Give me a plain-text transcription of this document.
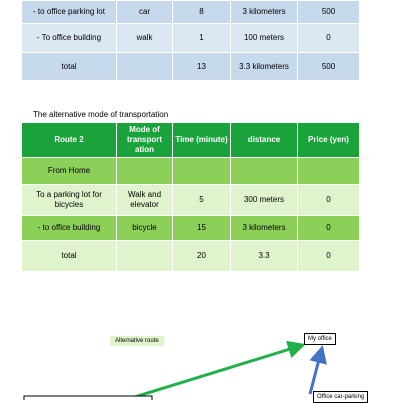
- to office parking lot	car	8	3 kilometers	500
- To office building	walk	1	100 meters	0
total		13	3.3 kilometers	500
The alternative mode of transportation
Route 2	Mode of transport ation	Time (minute)	distance	Price (yen)
From Home				
To a parking lot for bicycles	Walk and elevator	5	300 meters	0
- to office building	bicycle	15	3 kilometers	0
total		20	3.3	0
Alternative route	My office
Office car-parking
